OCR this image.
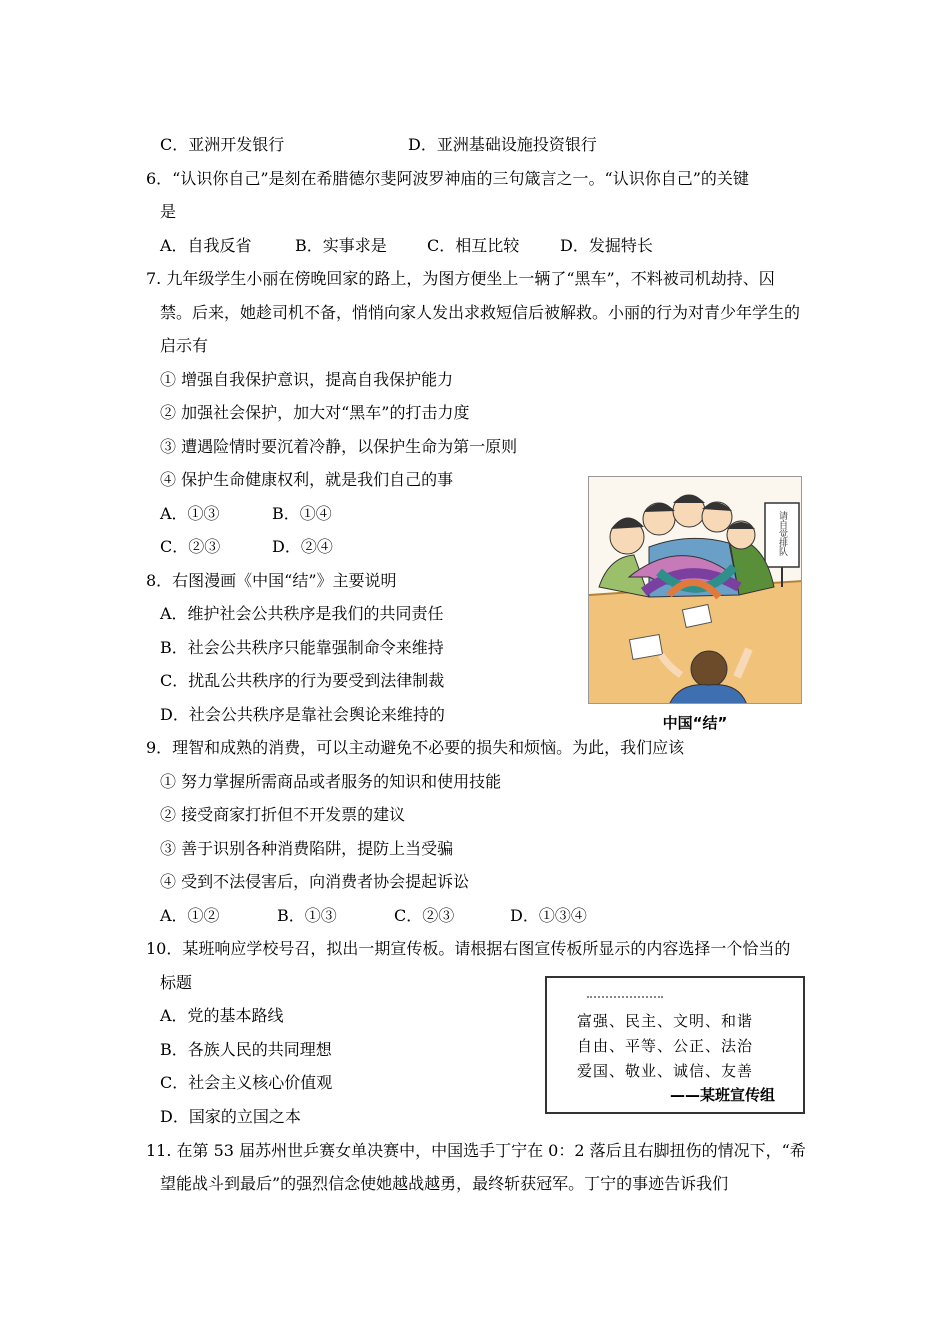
C．亚洲开发银行	D．亚洲基础设施投资银行
6．“认识你自己”是刻在希腊德尔斐阿波罗神庙的三句箴言之一。“认识你自己”的关键
是
A．自我反省	B．实事求是	C．相互比较	D．发掘特长
7. 九年级学生小丽在傍晚回家的路上，为图方便坐上一辆了“黑车”，不料被司机劫持、囚
禁。后来，她趁司机不备，悄悄向家人发出求救短信后被解救。小丽的行为对青少年学生的
启示有
① 增强自我保护意识，提高自我保护能力
② 加强社会保护，加大对“黑车”的打击力度
③ 遭遇险情时要沉着冷静，以保护生命为第一原则
④ 保护生命健康权利，就是我们自己的事
A．①③	B．①④
C．②③	D．②④
8．右图漫画《中国“结”》主要说明
A．维护社会公共秩序是我们的共同责任
B．社会公共秩序只能靠强制命令来维持
C．扰乱公共秩序的行为要受到法律制裁
D．社会公共秩序是靠社会舆论来维持的
请自觉排队
中国“结”
9．理智和成熟的消费，可以主动避免不必要的损失和烦恼。为此，我们应该
① 努力掌握所需商品或者服务的知识和使用技能
② 接受商家打折但不开发票的建议
③ 善于识别各种消费陷阱，提防上当受骗
④ 受到不法侵害后，向消费者协会提起诉讼
A．①②	B．①③	C．②③	D．①③④
10．某班响应学校号召，拟出一期宣传板。请根据右图宣传板所显示的内容选择一个恰当的
标题
A．党的基本路线
B．各族人民的共同理想
C．社会主义核心价值观
D．国家的立国之本
富强、民主、文明、和谐
自由、平等、公正、法治
爱国、敬业、诚信、友善
——某班宣传组
11. 在第 53 届苏州世乒赛女单决赛中，中国选手丁宁在 0：2 落后且右脚扭伤的情况下，“希
望能战斗到最后”的强烈信念使她越战越勇，最终斩获冠军。丁宁的事迹告诉我们
